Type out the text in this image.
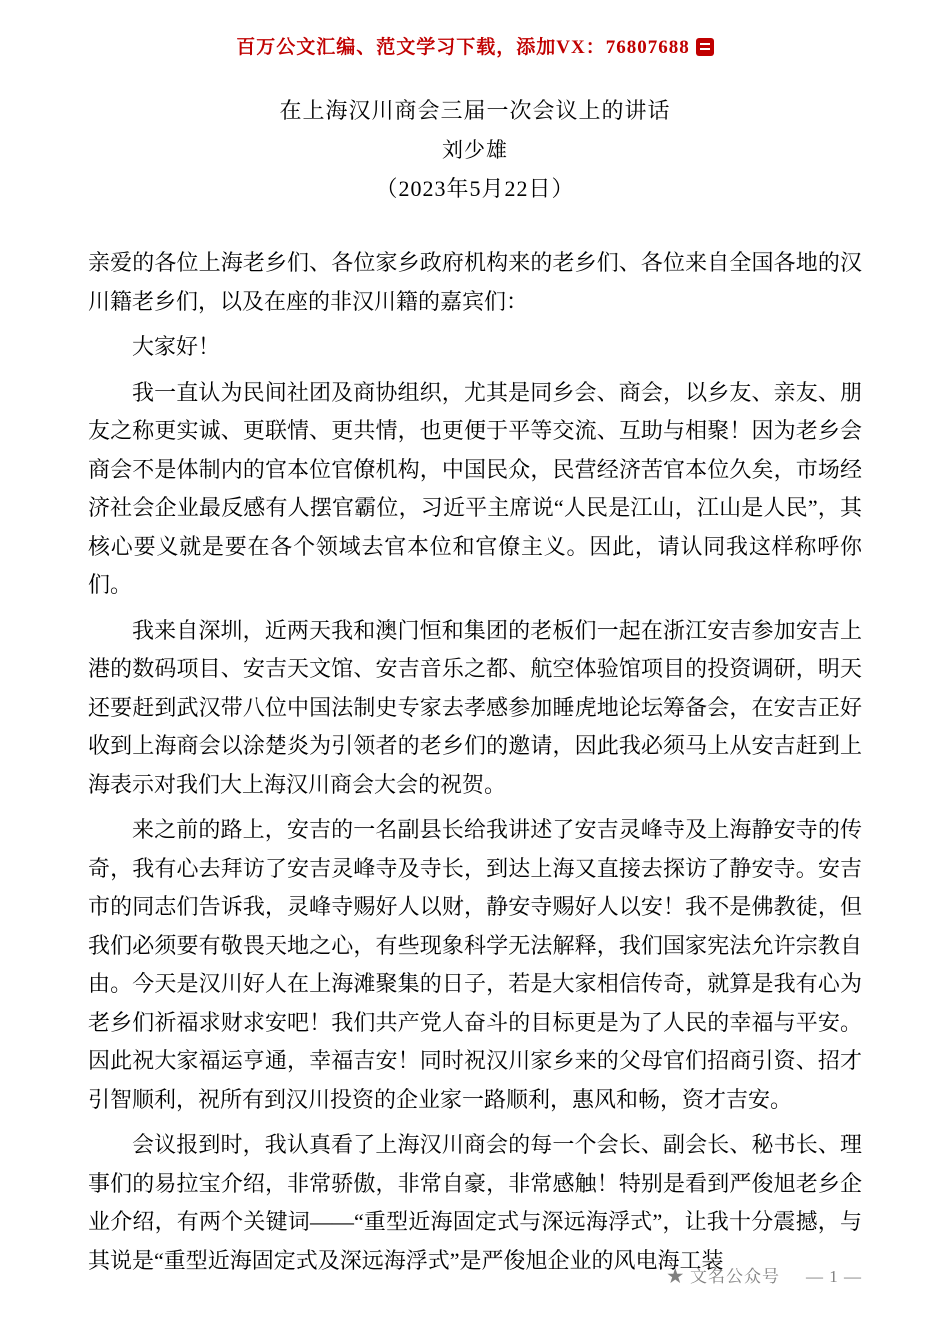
百万公文汇编、范文学习下载，添加VX：76807688
在上海汉川商会三届一次会议上的讲话
刘少雄
（2023年5月22日）

亲爱的各位上海老乡们、各位家乡政府机构来的老乡们、各位来自全国各地的汉川籍老乡们，以及在座的非汉川籍的嘉宾们：

大家好！

我一直认为民间社团及商协组织，尤其是同乡会、商会，以乡友、亲友、朋友之称更实诚、更联情、更共情，也更便于平等交流、互助与相聚！因为老乡会商会不是体制内的官本位官僚机构，中国民众，民营经济苦官本位久矣，市场经济社会企业最反感有人摆官霸位，习近平主席说“人民是江山，江山是人民”，其核心要义就是要在各个领域去官本位和官僚主义。因此，请认同我这样称呼你们。

我来自深圳，近两天我和澳门恒和集团的老板们一起在浙江安吉参加安吉上港的数码项目、安吉天文馆、安吉音乐之都、航空体验馆项目的投资调研，明天还要赶到武汉带八位中国法制史专家去孝感参加睡虎地论坛筹备会，在安吉正好收到上海商会以涂楚炎为引领者的老乡们的邀请，因此我必须马上从安吉赶到上海表示对我们大上海汉川商会大会的祝贺。

来之前的路上，安吉的一名副县长给我讲述了安吉灵峰寺及上海静安寺的传奇，我有心去拜访了安吉灵峰寺及寺长，到达上海又直接去探访了静安寺。安吉市的同志们告诉我，灵峰寺赐好人以财，静安寺赐好人以安！我不是佛教徒，但我们必须要有敬畏天地之心，有些现象科学无法解释，我们国家宪法允许宗教自由。今天是汉川好人在上海滩聚集的日子，若是大家相信传奇，就算是我有心为老乡们祈福求财求安吧！我们共产党人奋斗的目标更是为了人民的幸福与平安。因此祝大家福运亨通，幸福吉安！同时祝汉川家乡来的父母官们招商引资、招才引智顺利，祝所有到汉川投资的企业家一路顺利，惠风和畅，资才吉安。

会议报到时，我认真看了上海汉川商会的每一个会长、副会长、秘书长、理事们的易拉宝介绍，非常骄傲，非常自豪，非常感触！特别是看到严俊旭老乡企业介绍，有两个关键词——“重型近海固定式与深远海浮式”，让我十分震撼，与其说是“重型近海固定式及深远海浮式”是严俊旭企业的风电海工装

★ 文名公众号 — 1 —
